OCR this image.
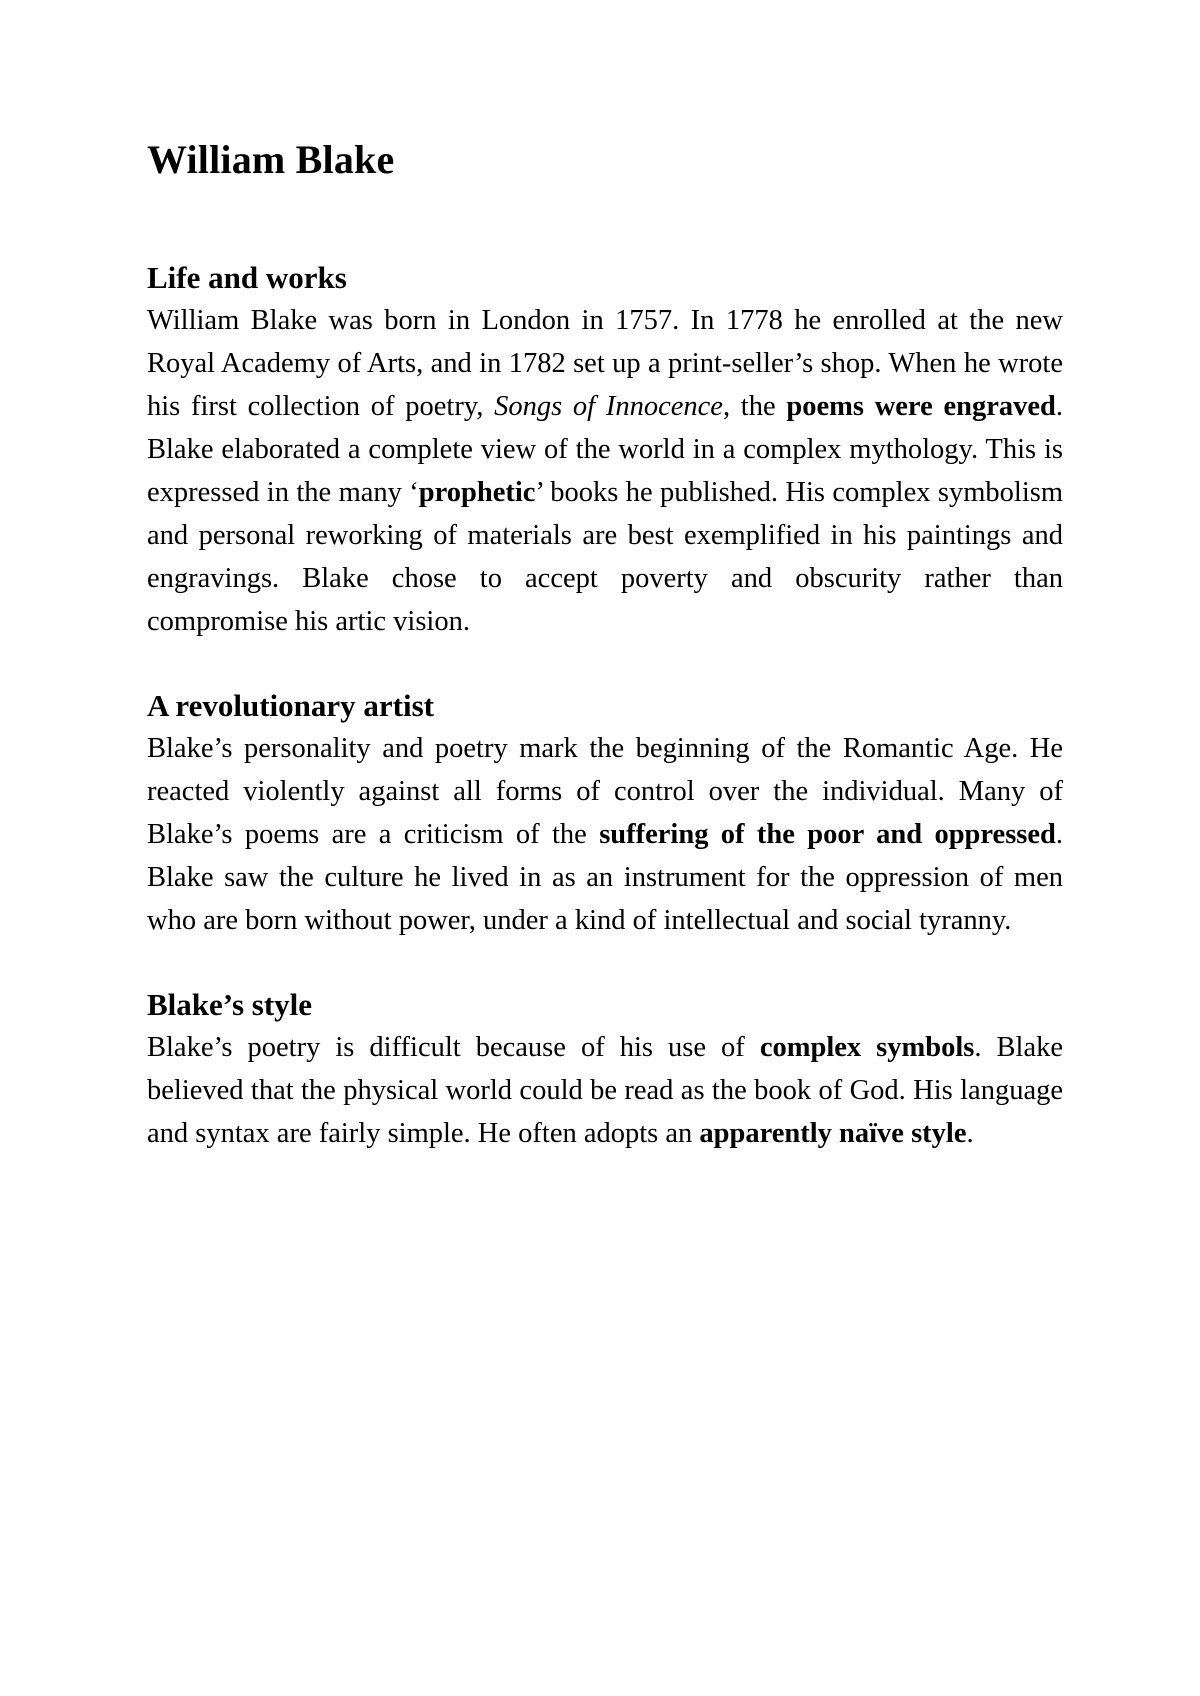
William Blake
Life and works

William Blake was born in London in 1757. In 1778 he enrolled at the new Royal Academy of Arts, and in 1782 set up a print-seller’s shop. When he wrote his first collection of poetry, Songs of Innocence, the poems were engraved. Blake elaborated a complete view of the world in a complex mythology. This is expressed in the many ‘prophetic’ books he published. His complex symbolism and personal reworking of materials are best exemplified in his paintings and engravings. Blake chose to accept poverty and obscurity rather than compromise his artic vision.

A revolutionary artist

Blake’s personality and poetry mark the beginning of the Romantic Age. He reacted violently against all forms of control over the individual. Many of Blake’s poems are a criticism of the suffering of the poor and oppressed. Blake saw the culture he lived in as an instrument for the oppression of men who are born without power, under a kind of intellectual and social tyranny.

Blake’s style

Blake’s poetry is difficult because of his use of complex symbols. Blake believed that the physical world could be read as the book of God. His language and syntax are fairly simple. He often adopts an apparently naïve style.
